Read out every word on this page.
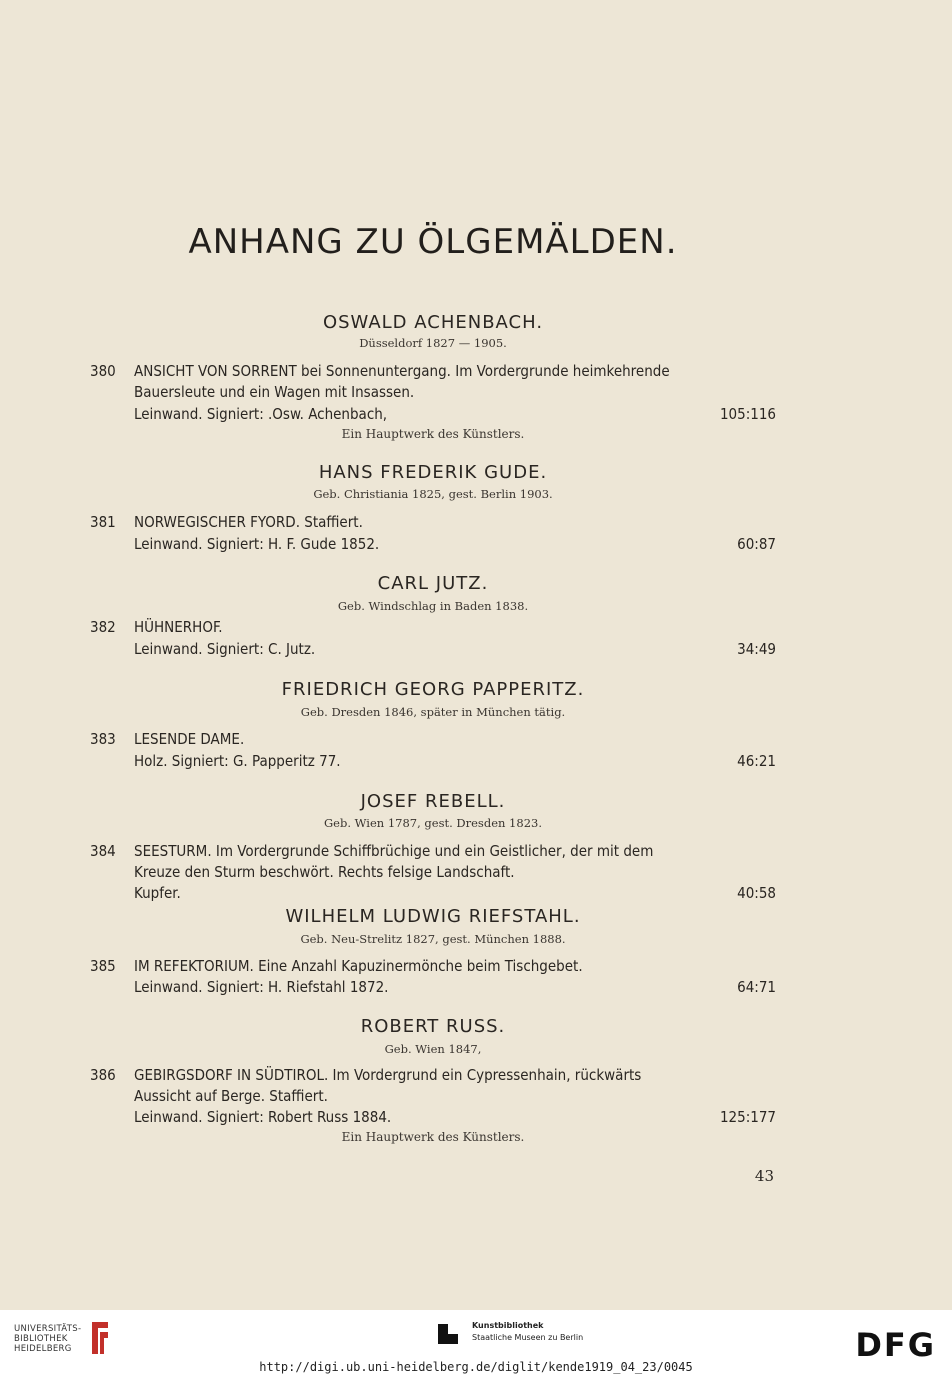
ANHANG ZU ÖLGEMÄLDEN.
OSWALD ACHENBACH.
Düsseldorf 1827 — 1905.
380 ANSICHT VON SORRENT bei Sonnenuntergang. Im Vordergrunde heimkehrende
Bauersleute und ein Wagen mit Insassen.
Leinwand. Signiert: .Osw. Achenbach,	105:116
Ein Hauptwerk des Künstlers.
HANS FREDERIK GUDE.
Geb. Christiania 1825, gest. Berlin 1903.
381 NORWEGISCHER FYORD. Staffiert.
Leinwand. Signiert: H. F. Gude 1852.	60:87
CARL JUTZ.
Geb. Windschlag in Baden 1838.
382 HÜHNERHOF.
Leinwand. Signiert: C. Jutz.	34:49
FRIEDRICH GEORG PAPPERITZ.
Geb. Dresden 1846, später in München tätig.
383 LESENDE DAME.
Holz. Signiert: G. Papperitz 77.	46:21
JOSEF REBELL.
Geb. Wien 1787, gest. Dresden 1823.
384 SEESTURM. Im Vordergrunde Schiffbrüchige und ein Geistlicher, der mit dem
Kreuze den Sturm beschwört. Rechts felsige Landschaft.
Kupfer.	40:58
WILHELM LUDWIG RIEFSTAHL.
Geb. Neu-Strelitz 1827, gest. München 1888.
385 IM REFEKTORIUM. Eine Anzahl Kapuzinermönche beim Tischgebet.
Leinwand. Signiert: H. Riefstahl 1872.	64:71
ROBERT RUSS.
Geb. Wien 1847,
386 GEBIRGSDORF IN SÜDTIROL. Im Vordergrund ein Cypressenhain, rückwärts
Aussicht auf Berge. Staffiert.
Leinwand. Signiert: Robert Russ 1884.	125:177
Ein Hauptwerk des Künstlers.
43
UNIVERSITÄTS-
BIBLIOTHEK
HEIDELBERG
Kunstbibliothek
Staatliche Museen zu Berlin	DFG
http://digi.ub.uni-heidelberg.de/diglit/kende1919_04_23/0045
